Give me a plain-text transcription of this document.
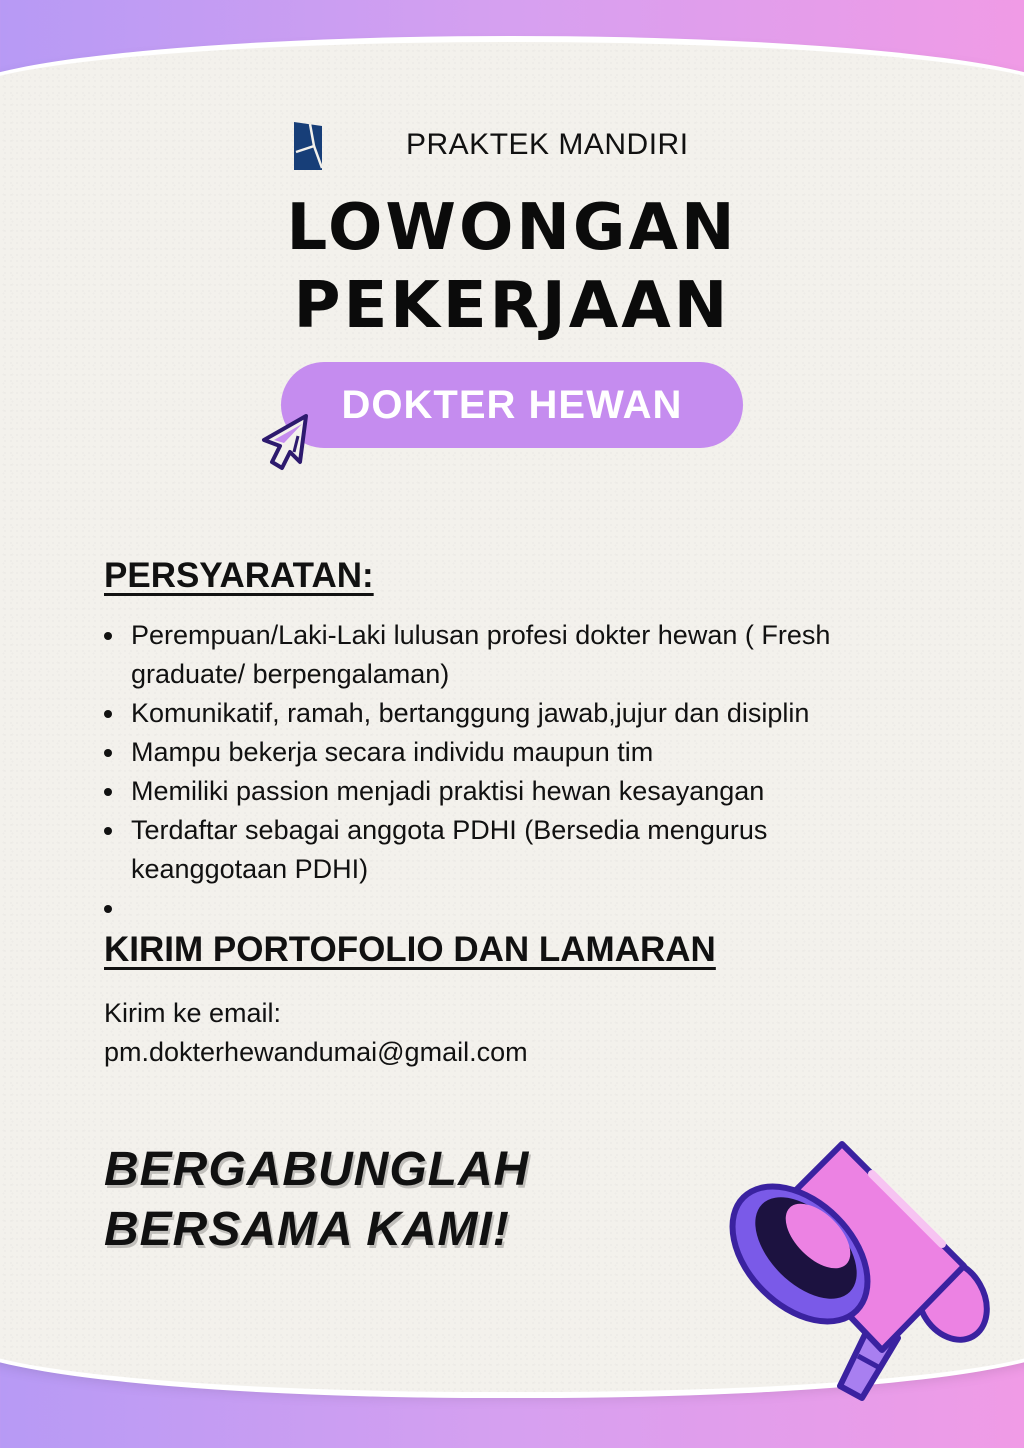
PRAKTEK MANDIRI
LOWONGAN
PEKERJAAN
DOKTER HEWAN
PERSYARATAN:
Perempuan/Laki-Laki lulusan profesi dokter hewan ( Fresh graduate/ berpengalaman)
Komunikatif, ramah, bertanggung jawab,jujur dan disiplin
Mampu bekerja secara individu maupun tim
Memiliki passion menjadi praktisi hewan kesayangan
Terdaftar sebagai anggota PDHI (Bersedia mengurus keanggotaan PDHI)
KIRIM PORTOFOLIO DAN LAMARAN
Kirim ke email:
pm.dokterhewandumai@gmail.com
BERGABUNGLAH
BERSAMA KAMI!
